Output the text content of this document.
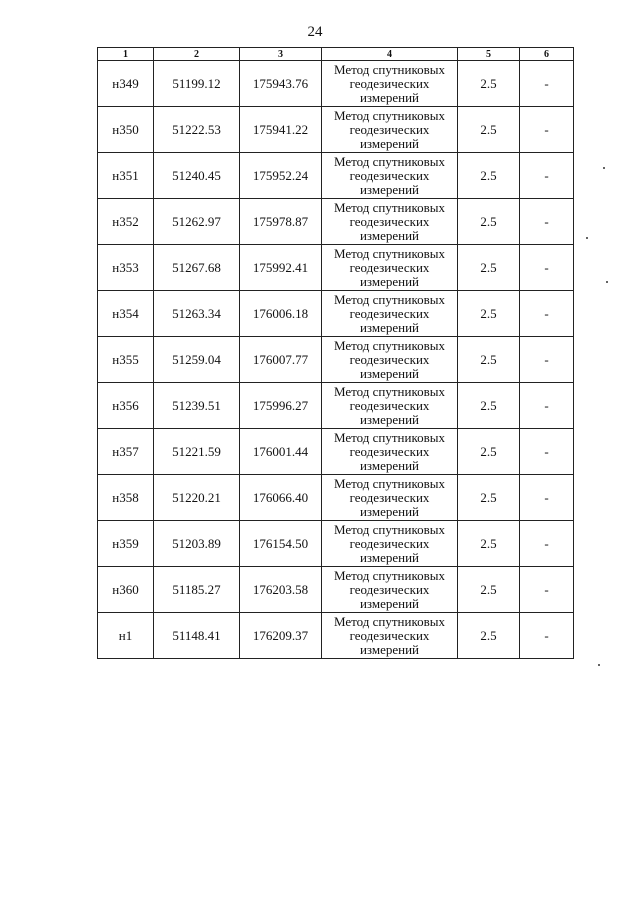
24
1	2	3	4	5	6
н349	51199.12	175943.76	Метод спутниковых геодезических измерений	2.5	-
н350	51222.53	175941.22	Метод спутниковых геодезических измерений	2.5	-
н351	51240.45	175952.24	Метод спутниковых геодезических измерений	2.5	-
н352	51262.97	175978.87	Метод спутниковых геодезических измерений	2.5	-
н353	51267.68	175992.41	Метод спутниковых геодезических измерений	2.5	-
н354	51263.34	176006.18	Метод спутниковых геодезических измерений	2.5	-
н355	51259.04	176007.77	Метод спутниковых геодезических измерений	2.5	-
н356	51239.51	175996.27	Метод спутниковых геодезических измерений	2.5	-
н357	51221.59	176001.44	Метод спутниковых геодезических измерений	2.5	-
н358	51220.21	176066.40	Метод спутниковых геодезических измерений	2.5	-
н359	51203.89	176154.50	Метод спутниковых геодезических измерений	2.5	-
н360	51185.27	176203.58	Метод спутниковых геодезических измерений	2.5	-
н1	51148.41	176209.37	Метод спутниковых геодезических измерений	2.5	-
